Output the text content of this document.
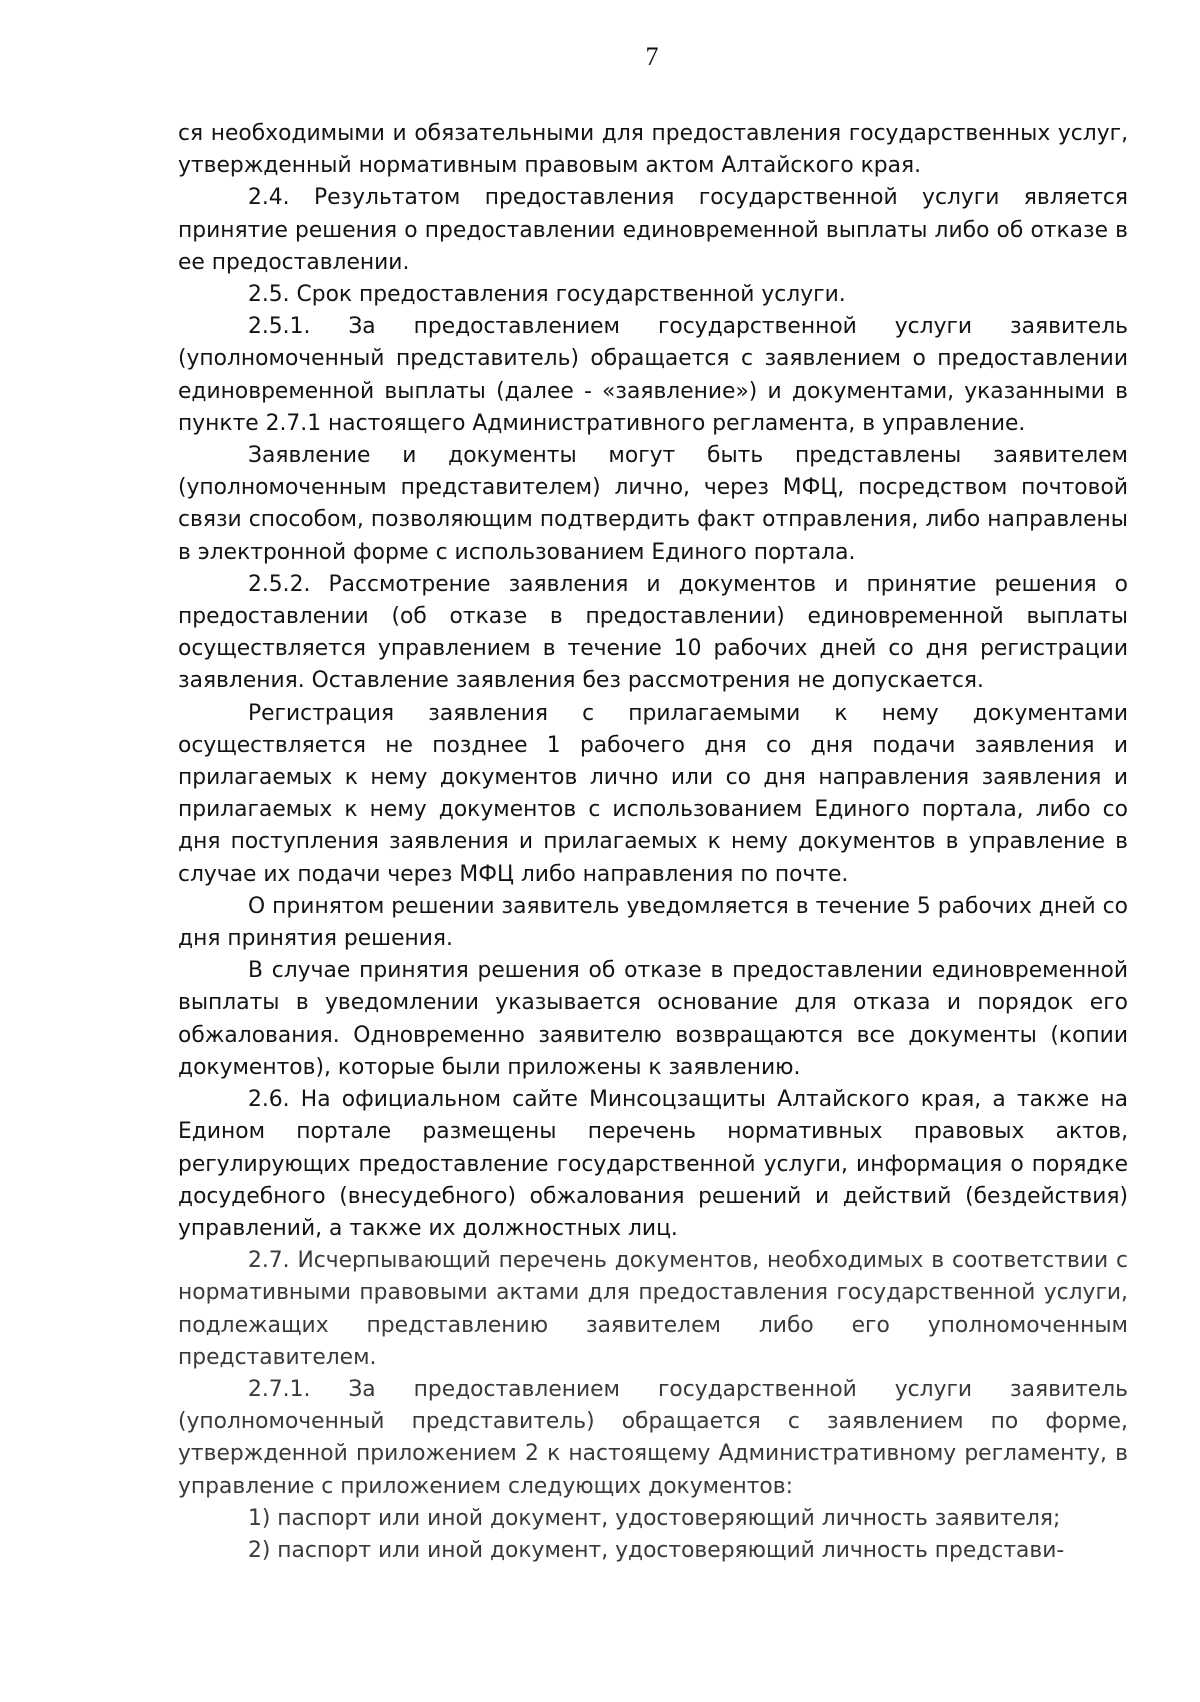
7

ся необходимыми и обязательными для предоставления государственных услуг, утвержденный нормативным правовым актом Алтайского края.

2.4. Результатом предоставления государственной услуги является принятие решения о предоставлении единовременной выплаты либо об отказе в ее предоставлении.

2.5. Срок предоставления государственной услуги.

2.5.1. За предоставлением государственной услуги заявитель (уполномоченный представитель) обращается с заявлением о предоставлении единовременной выплаты (далее - «заявление») и документами, указанными в пункте 2.7.1 настоящего Административного регламента, в управление.

Заявление и документы могут быть представлены заявителем (уполномоченным представителем) лично, через МФЦ, посредством почтовой связи способом, позволяющим подтвердить факт отправления, либо направлены в электронной форме с использованием Единого портала.

2.5.2. Рассмотрение заявления и документов и принятие решения о предоставлении (об отказе в предоставлении) единовременной выплаты осуществляется управлением в течение 10 рабочих дней со дня регистрации заявления. Оставление заявления без рассмотрения не допускается.

Регистрация заявления с прилагаемыми к нему документами осуществляется не позднее 1 рабочего дня со дня подачи заявления и прилагаемых к нему документов лично или со дня направления заявления и прилагаемых к нему документов с использованием Единого портала, либо со дня поступления заявления и прилагаемых к нему документов в управление в случае их подачи через МФЦ либо направления по почте.

О принятом решении заявитель уведомляется в течение 5 рабочих дней со дня принятия решения.

В случае принятия решения об отказе в предоставлении единовременной выплаты в уведомлении указывается основание для отказа и порядок его обжалования. Одновременно заявителю возвращаются все документы (копии документов), которые были приложены к заявлению.

2.6. На официальном сайте Минсоцзащиты Алтайского края, а также на Едином портале размещены перечень нормативных правовых актов, регулирующих предоставление государственной услуги, информация о порядке досудебного (внесудебного) обжалования решений и действий (бездействия) управлений, а также их должностных лиц.

2.7. Исчерпывающий перечень документов, необходимых в соответствии с нормативными правовыми актами для предоставления государственной услуги, подлежащих представлению заявителем либо его уполномоченным представителем.

2.7.1. За предоставлением государственной услуги заявитель (уполномоченный представитель) обращается с заявлением по форме, утвержденной приложением 2 к настоящему Административному регламенту, в управление с приложением следующих документов:

1) паспорт или иной документ, удостоверяющий личность заявителя;

2) паспорт или иной документ, удостоверяющий личность представи-
